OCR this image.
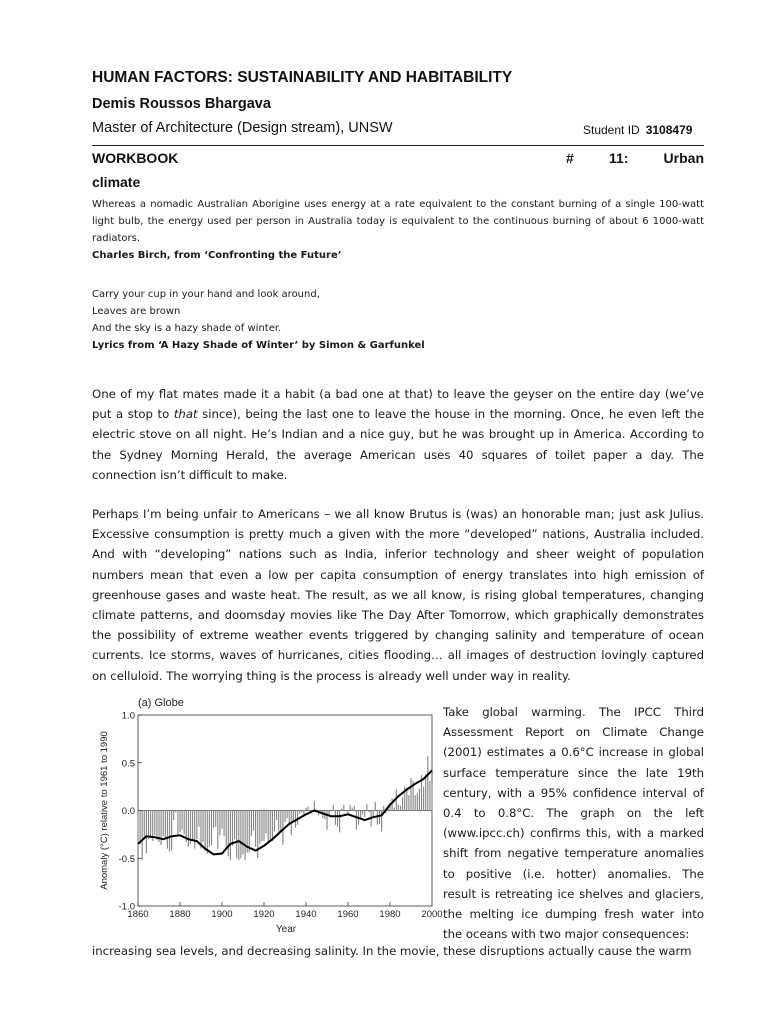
HUMAN FACTORS: SUSTAINABILITY AND HABITABILITY
Demis Roussos Bhargava
Master of Architecture (Design stream), UNSW	Student ID 3108479
WORKBOOK	#	11:	Urban
climate
Whereas a nomadic Australian Aborigine uses energy at a rate equivalent to the constant burning of a single 100-watt light bulb, the energy used per person in Australia today is equivalent to the continuous burning of about 6 1000-watt radiators.
Charles Birch, from ‘Confronting the Future’
Carry your cup in your hand and look around,
Leaves are brown
And the sky is a hazy shade of winter.
Lyrics from ‘A Hazy Shade of Winter’ by Simon & Garfunkel
One of my flat mates made it a habit (a bad one at that) to leave the geyser on the entire day (we’ve put a stop to that since), being the last one to leave the house in the morning. Once, he even left the electric stove on all night. He’s Indian and a nice guy, but he was brought up in America. According to the Sydney Morning Herald, the average American uses 40 squares of toilet paper a day. The connection isn’t difficult to make.
Perhaps I’m being unfair to Americans – we all know Brutus is (was) an honorable man; just ask Julius. Excessive consumption is pretty much a given with the more “developed” nations, Australia included. And with “developing” nations such as India, inferior technology and sheer weight of population numbers mean that even a low per capita consumption of energy translates into high emission of greenhouse gases and waste heat. The result, as we all know, is rising global temperatures, changing climate patterns, and doomsday movies like The Day After Tomorrow, which graphically demonstrates the possibility of extreme weather events triggered by changing salinity and temperature of ocean currents. Ice storms, waves of hurricanes, cities flooding… all images of destruction lovingly captured on celluloid. The worrying thing is the process is already well under way in reality.
(a) Globe
Anomaly (°C) relative to 1961 to 1990
Year
1.0
0.5
0.0
-0.5
-1.0
1860 1880 1900 1920 1940 1960 1980 2000
Take global warming. The IPCC Third Assessment Report on Climate Change (2001) estimates a 0.6°C increase in global surface temperature since the late 19th century, with a 95% confidence interval of 0.4 to 0.8°C. The graph on the left (www.ipcc.ch) confirms this, with a marked shift from negative temperature anomalies to positive (i.e. hotter) anomalies. The result is retreating ice shelves and glaciers, the melting ice dumping fresh water into the oceans with two major consequences:
increasing sea levels, and decreasing salinity. In the movie, these disruptions actually cause the warm
